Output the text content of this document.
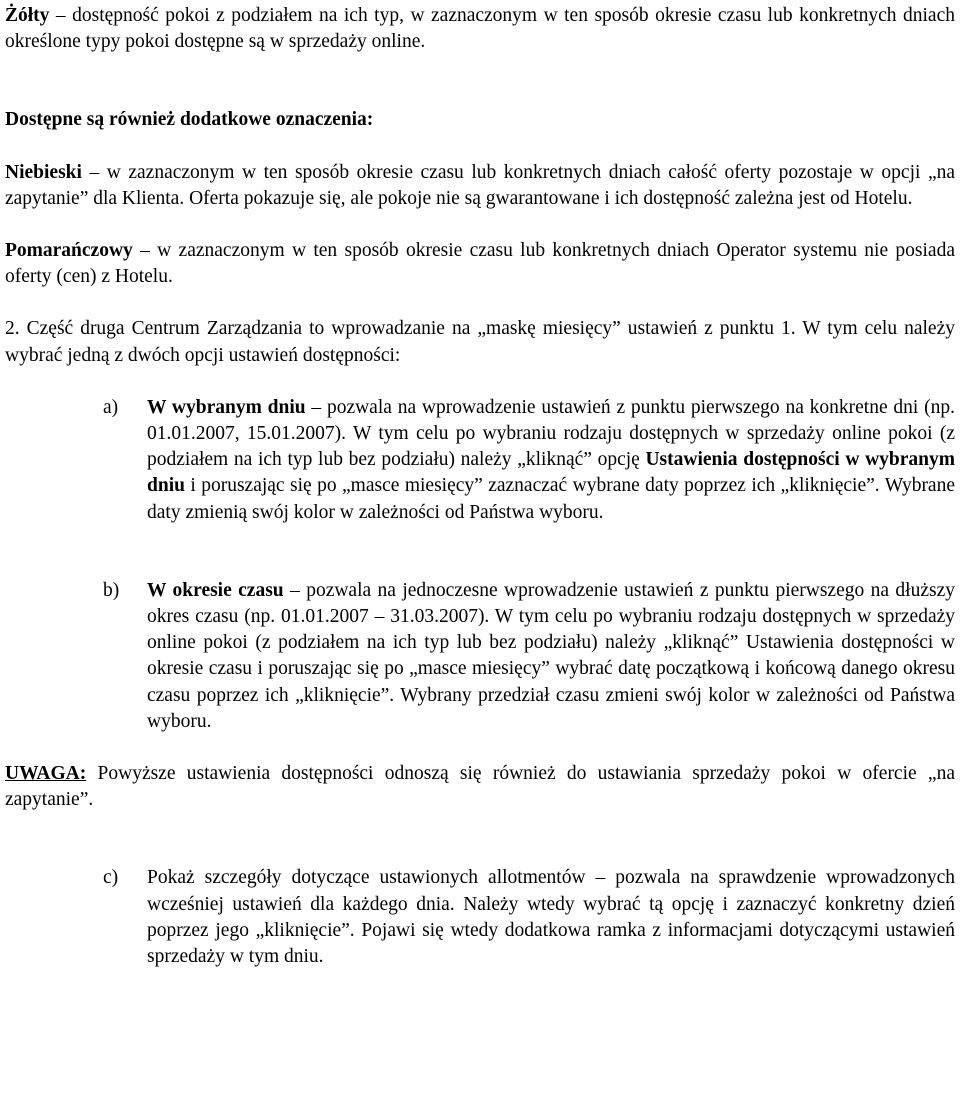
Żółty – dostępność pokoi z podziałem na ich typ, w zaznaczonym w ten sposób okresie czasu lub konkretnych dniach określone typy pokoi dostępne są w sprzedaży online.

Dostępne są również dodatkowe oznaczenia:

Niebieski – w zaznaczonym w ten sposób okresie czasu lub konkretnych dniach całość oferty pozostaje w opcji „na zapytanie” dla Klienta. Oferta pokazuje się, ale pokoje nie są gwarantowane i ich dostępność zależna jest od Hotelu.

Pomarańczowy – w zaznaczonym w ten sposób okresie czasu lub konkretnych dniach Operator systemu nie posiada oferty (cen) z Hotelu.

2. Część druga Centrum Zarządzania to wprowadzanie na „maskę miesięcy” ustawień z punktu 1. W tym celu należy wybrać jedną z dwóch opcji ustawień dostępności:

a) W wybranym dniu – pozwala na wprowadzenie ustawień z punktu pierwszego na konkretne dni (np. 01.01.2007, 15.01.2007). W tym celu po wybraniu rodzaju dostępnych w sprzedaży online pokoi (z podziałem na ich typ lub bez podziału) należy „kliknąć” opcję Ustawienia dostępności w wybranym dniu i poruszając się po „masce miesięcy” zaznaczać wybrane daty poprzez ich „kliknięcie”. Wybrane daty zmienią swój kolor w zależności od Państwa wyboru.

b) W okresie czasu – pozwala na jednoczesne wprowadzenie ustawień z punktu pierwszego na dłuższy okres czasu (np. 01.01.2007 – 31.03.2007). W tym celu po wybraniu rodzaju dostępnych w sprzedaży online pokoi (z podziałem na ich typ lub bez podziału) należy „kliknąć” Ustawienia dostępności w okresie czasu i poruszając się po „masce miesięcy” wybrać datę początkową i końcową danego okresu czasu poprzez ich „kliknięcie”. Wybrany przedział czasu zmieni swój kolor w zależności od Państwa wyboru.

UWAGA: Powyższe ustawienia dostępności odnoszą się również do ustawiania sprzedaży pokoi w ofercie „na zapytanie”.

c) Pokaż szczegóły dotyczące ustawionych allotmentów – pozwala na sprawdzenie wprowadzonych wcześniej ustawień dla każdego dnia. Należy wtedy wybrać tą opcję i zaznaczyć konkretny dzień poprzez jego „kliknięcie”. Pojawi się wtedy dodatkowa ramka z informacjami dotyczącymi ustawień sprzedaży w tym dniu.
